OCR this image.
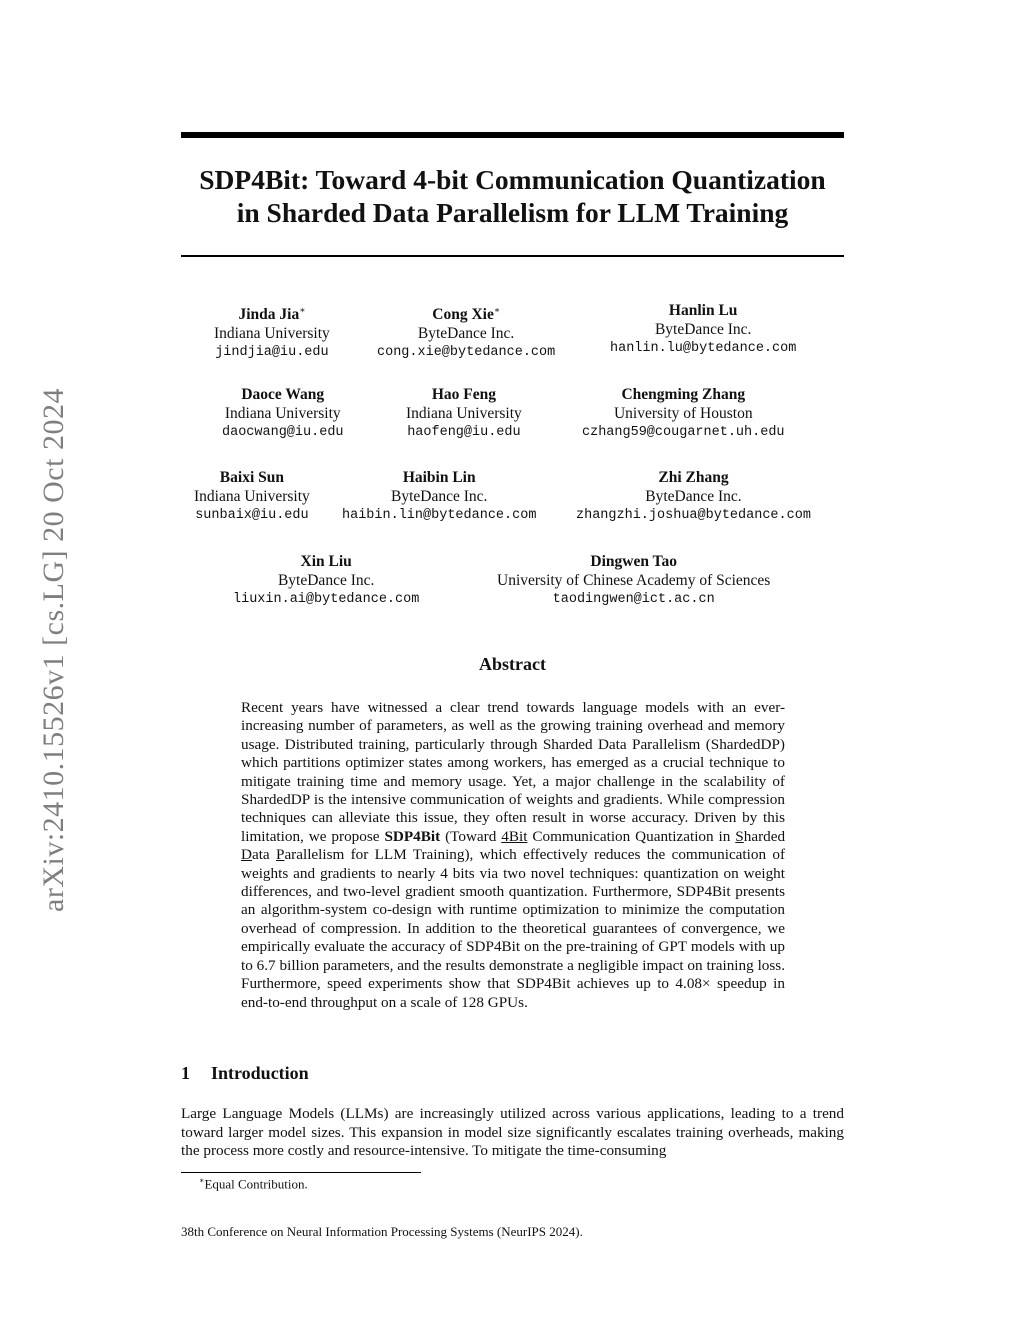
arXiv:2410.15526v1 [cs.LG] 20 Oct 2024
SDP4Bit: Toward 4-bit Communication Quantization
in Sharded Data Parallelism for LLM Training
Jinda Jia∗
Indiana University
jindjia@iu.edu
Cong Xie∗
ByteDance Inc.
cong.xie@bytedance.com
Hanlin Lu
ByteDance Inc.
hanlin.lu@bytedance.com
Daoce Wang
Indiana University
daocwang@iu.edu
Hao Feng
Indiana University
haofeng@iu.edu
Chengming Zhang
University of Houston
czhang59@cougarnet.uh.edu
Baixi Sun
Indiana University
sunbaix@iu.edu
Haibin Lin
ByteDance Inc.
haibin.lin@bytedance.com
Zhi Zhang
ByteDance Inc.
zhangzhi.joshua@bytedance.com
Xin Liu
ByteDance Inc.
liuxin.ai@bytedance.com
Dingwen Tao
University of Chinese Academy of Sciences
taodingwen@ict.ac.cn
Abstract

Recent years have witnessed a clear trend towards language models with an ever-increasing number of parameters, as well as the growing training overhead and memory usage. Distributed training, particularly through Sharded Data Parallelism (ShardedDP) which partitions optimizer states among workers, has emerged as a crucial technique to mitigate training time and memory usage. Yet, a major challenge in the scalability of ShardedDP is the intensive communication of weights and gradients. While compression techniques can alleviate this issue, they often result in worse accuracy. Driven by this limitation, we propose SDP4Bit (Toward 4Bit Communication Quantization in Sharded Data Parallelism for LLM Training), which effectively reduces the communication of weights and gradients to nearly 4 bits via two novel techniques: quantization on weight differences, and two-level gradient smooth quantization. Furthermore, SDP4Bit presents an algorithm-system co-design with runtime optimization to minimize the computation overhead of compression. In addition to the theoretical guarantees of convergence, we empirically evaluate the accuracy of SDP4Bit on the pre-training of GPT models with up to 6.7 billion parameters, and the results demonstrate a negligible impact on training loss. Furthermore, speed experiments show that SDP4Bit achieves up to 4.08× speedup in end-to-end throughput on a scale of 128 GPUs.

1 Introduction

Large Language Models (LLMs) are increasingly utilized across various applications, leading to a trend toward larger model sizes. This expansion in model size significantly escalates training overheads, making the process more costly and resource-intensive. To mitigate the time-consuming

∗Equal Contribution.

38th Conference on Neural Information Processing Systems (NeurIPS 2024).
